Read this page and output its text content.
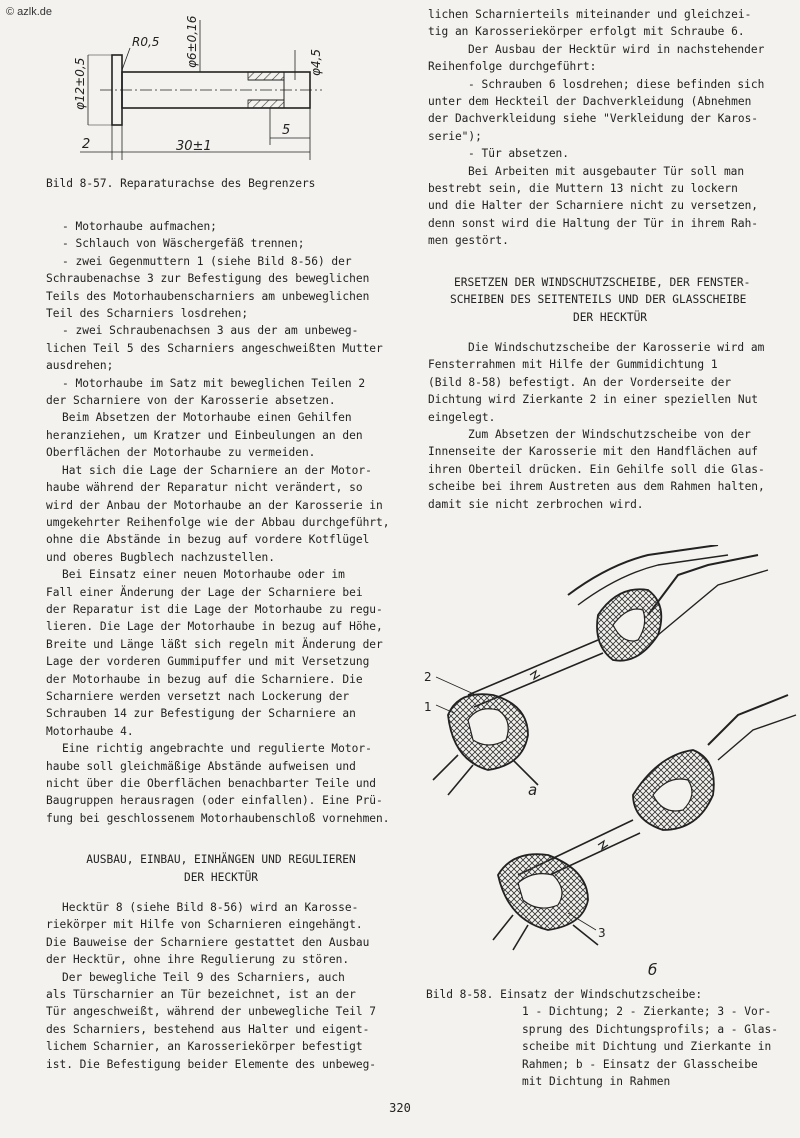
© azlk.de
R0,5
φ12±0,5
φ6±0,16	φ4,5
2	30±1
5
Bild 8-57. Reparaturachse des Begrenzers

- Motorhaube aufmachen;

- Schlauch von Wäschergefäß trennen;

- zwei Gegenmuttern 1 (siehe Bild 8-56) der

Schraubenachse 3 zur Befestigung des beweglichen

Teils des Motorhaubenscharniers am unbeweglichen

Teil des Scharniers losdrehen;

- zwei Schraubenachsen 3 aus der am unbeweg-

lichen Teil 5 des Scharniers angeschweißten Mutter

ausdrehen;

- Motorhaube im Satz mit beweglichen Teilen 2

der Scharniere von der Karosserie absetzen.

Beim Absetzen der Motorhaube einen Gehilfen

heranziehen, um Kratzer und Einbeulungen an den

Oberflächen der Motorhaube zu vermeiden.

Hat sich die Lage der Scharniere an der Motor-

haube während der Reparatur nicht verändert, so

wird der Anbau der Motorhaube an der Karosserie in

umgekehrter Reihenfolge wie der Abbau durchgeführt,

ohne die Abstände in bezug auf vordere Kotflügel

und oberes Bugblech nachzustellen.

Bei Einsatz einer neuen Motorhaube oder im

Fall einer Änderung der Lage der Scharniere bei

der Reparatur ist die Lage der Motorhaube zu regu-

lieren. Die Lage der Motorhaube in bezug auf Höhe,

Breite und Länge läßt sich regeln mit Änderung der

Lage der vorderen Gummipuffer und mit Versetzung

der Motorhaube in bezug auf die Scharniere. Die

Scharniere werden versetzt nach Lockerung der

Schrauben 14 zur Befestigung der Scharniere an

Motorhaube 4.

Eine richtig angebrachte und regulierte Motor-

haube soll gleichmäßige Abstände aufweisen und

nicht über die Oberflächen benachbarter Teile und

Baugruppen herausragen (oder einfallen). Eine Prü-

fung bei geschlossenem Motorhaubenschloß vornehmen.

AUSBAU, EINBAU, EINHÄNGEN UND REGULIEREN

DER HECKTÜR

Hecktür 8 (siehe Bild 8-56) wird an Karosse-

riekörper mit Hilfe von Scharnieren eingehängt.

Die Bauweise der Scharniere gestattet den Ausbau

der Hecktür, ohne ihre Regulierung zu stören.

Der bewegliche Teil 9 des Scharniers, auch

als Türscharnier an Tür bezeichnet, ist an der

Tür angeschweißt, während der unbewegliche Teil 7

des Scharniers, bestehend aus Halter und eigent-

lichem Scharnier, an Karosseriekörper befestigt

ist. Die Befestigung beider Elemente des unbeweg-

lichen Scharnierteils miteinander und gleichzei-

tig an Karosseriekörper erfolgt mit Schraube 6.

Der Ausbau der Hecktür wird in nachstehender

Reihenfolge durchgeführt:

- Schrauben 6 losdrehen; diese befinden sich

unter dem Heckteil der Dachverkleidung (Abnehmen

der Dachverkleidung siehe "Verkleidung der Karos-

serie");

- Tür absetzen.

Bei Arbeiten mit ausgebauter Tür soll man

bestrebt sein, die Muttern 13 nicht zu lockern

und die Halter der Scharniere nicht zu versetzen,

denn sonst wird die Haltung der Tür in ihrem Rah-

men gestört.

ERSETZEN DER WINDSCHUTZSCHEIBE, DER FENSTER-

SCHEIBEN DES SEITENTEILS UND DER GLASSCHEIBE

DER HECKTÜR

Die Windschutzscheibe der Karosserie wird am

Fensterrahmen mit Hilfe der Gummidichtung 1

(Bild 8-58) befestigt. An der Vorderseite der

Dichtung wird Zierkante 2 in einer speziellen Nut

eingelegt.

Zum Absetzen der Windschutzscheibe von der

Innenseite der Karosserie mit den Handflächen auf

ihren Oberteil drücken. Ein Gehilfe soll die Glas-

scheibe bei ihrem Austreten aus dem Rahmen halten,

damit sie nicht zerbrochen wird.

a
2
1
3
б

Bild 8-58. Einsatz der Windschutzscheibe:

1 - Dichtung; 2 - Zierkante; 3 - Vor-

sprung des Dichtungsprofils; a - Glas-

scheibe mit Dichtung und Zierkante in

Rahmen; b - Einsatz der Glasscheibe

mit Dichtung in Rahmen

320
